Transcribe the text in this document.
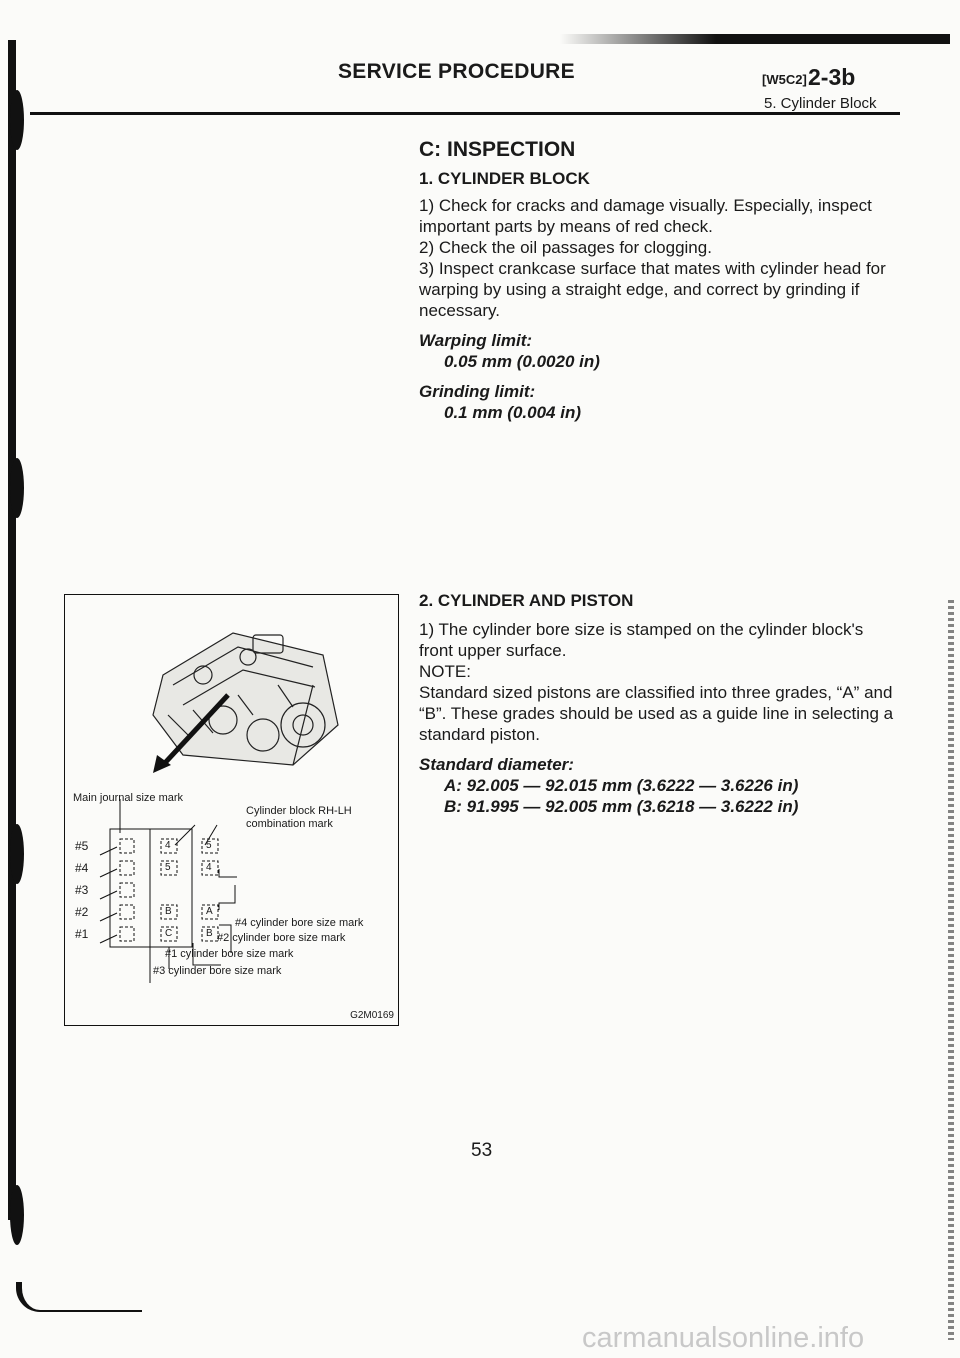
SERVICE PROCEDURE	[W5C2] 2-3b
5. Cylinder Block

C: INSPECTION

1. CYLINDER BLOCK

1) Check for cracks and damage visually. Especially, inspect important parts by means of red check.

2) Check the oil passages for clogging.

3) Inspect crankcase surface that mates with cylinder head for warping by using a straight edge, and correct by grinding if necessary.

Warping limit:

0.05 mm (0.0020 in)

Grinding limit:

0.1 mm (0.004 in)

2. CYLINDER AND PISTON

1) The cylinder bore size is stamped on the cylinder block's front upper surface.

NOTE:

Standard sized pistons are classified into three grades, “A” and “B”. These grades should be used as a guide line in selecting a standard piston.

Standard diameter:

A: 92.005 — 92.015 mm (3.6222 — 3.6226 in)

B: 91.995 — 92.005 mm (3.6218 — 3.6222 in)

Main journal size mark
Cylinder block RH-LH
combination mark
#5
#4
#3
#2
#1
4	5
5	4
B	A
C	B
#4 cylinder bore size mark
#2 cylinder bore size mark
#1 cylinder bore size mark
#3 cylinder bore size mark
G2M0169
53
carmanualsonline.info
